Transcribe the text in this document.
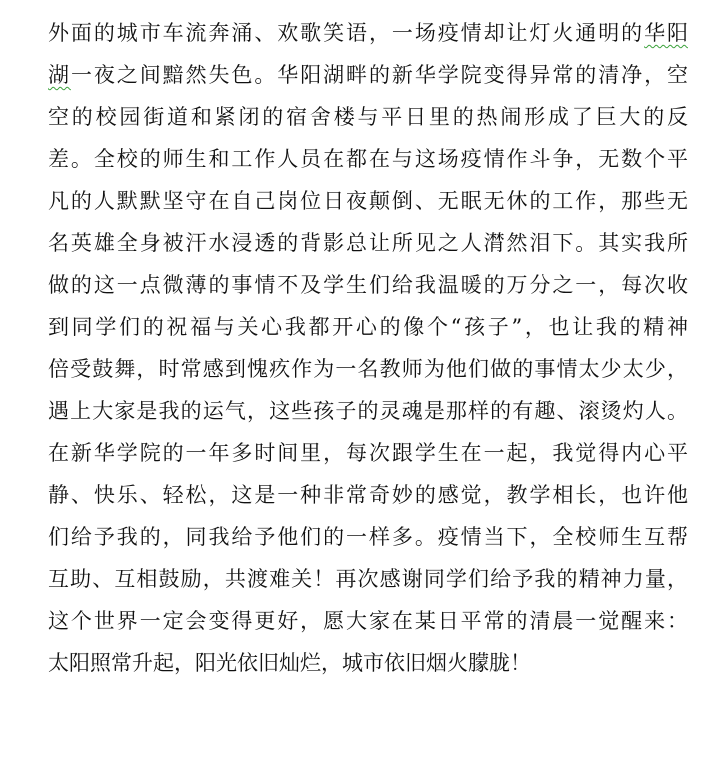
外面的城市车流奔涌、欢歌笑语，一场疫情却让灯火通明的华阳
湖一夜之间黯然失色。华阳湖畔的新华学院变得异常的清净，空
空的校园街道和紧闭的宿舍楼与平日里的热闹形成了巨大的反
差。全校的师生和工作人员在都在与这场疫情作斗争，无数个平
凡的人默默坚守在自己岗位日夜颠倒、无眠无休的工作，那些无
名英雄全身被汗水浸透的背影总让所见之人潸然泪下。其实我所
做的这一点微薄的事情不及学生们给我温暖的万分之一，每次收
到同学们的祝福与关心我都开心的像个“孩子”，也让我的精神
倍受鼓舞，时常感到愧疚作为一名教师为他们做的事情太少太少，
遇上大家是我的运气，这些孩子的灵魂是那样的有趣、滚烫灼人。
在新华学院的一年多时间里，每次跟学生在一起，我觉得内心平
静、快乐、轻松，这是一种非常奇妙的感觉，教学相长，也许他
们给予我的，同我给予他们的一样多。疫情当下，全校师生互帮
互助、互相鼓励，共渡难关！再次感谢同学们给予我的精神力量，
这个世界一定会变得更好，愿大家在某日平常的清晨一觉醒来：
太阳照常升起，阳光依旧灿烂，城市依旧烟火朦胧！
